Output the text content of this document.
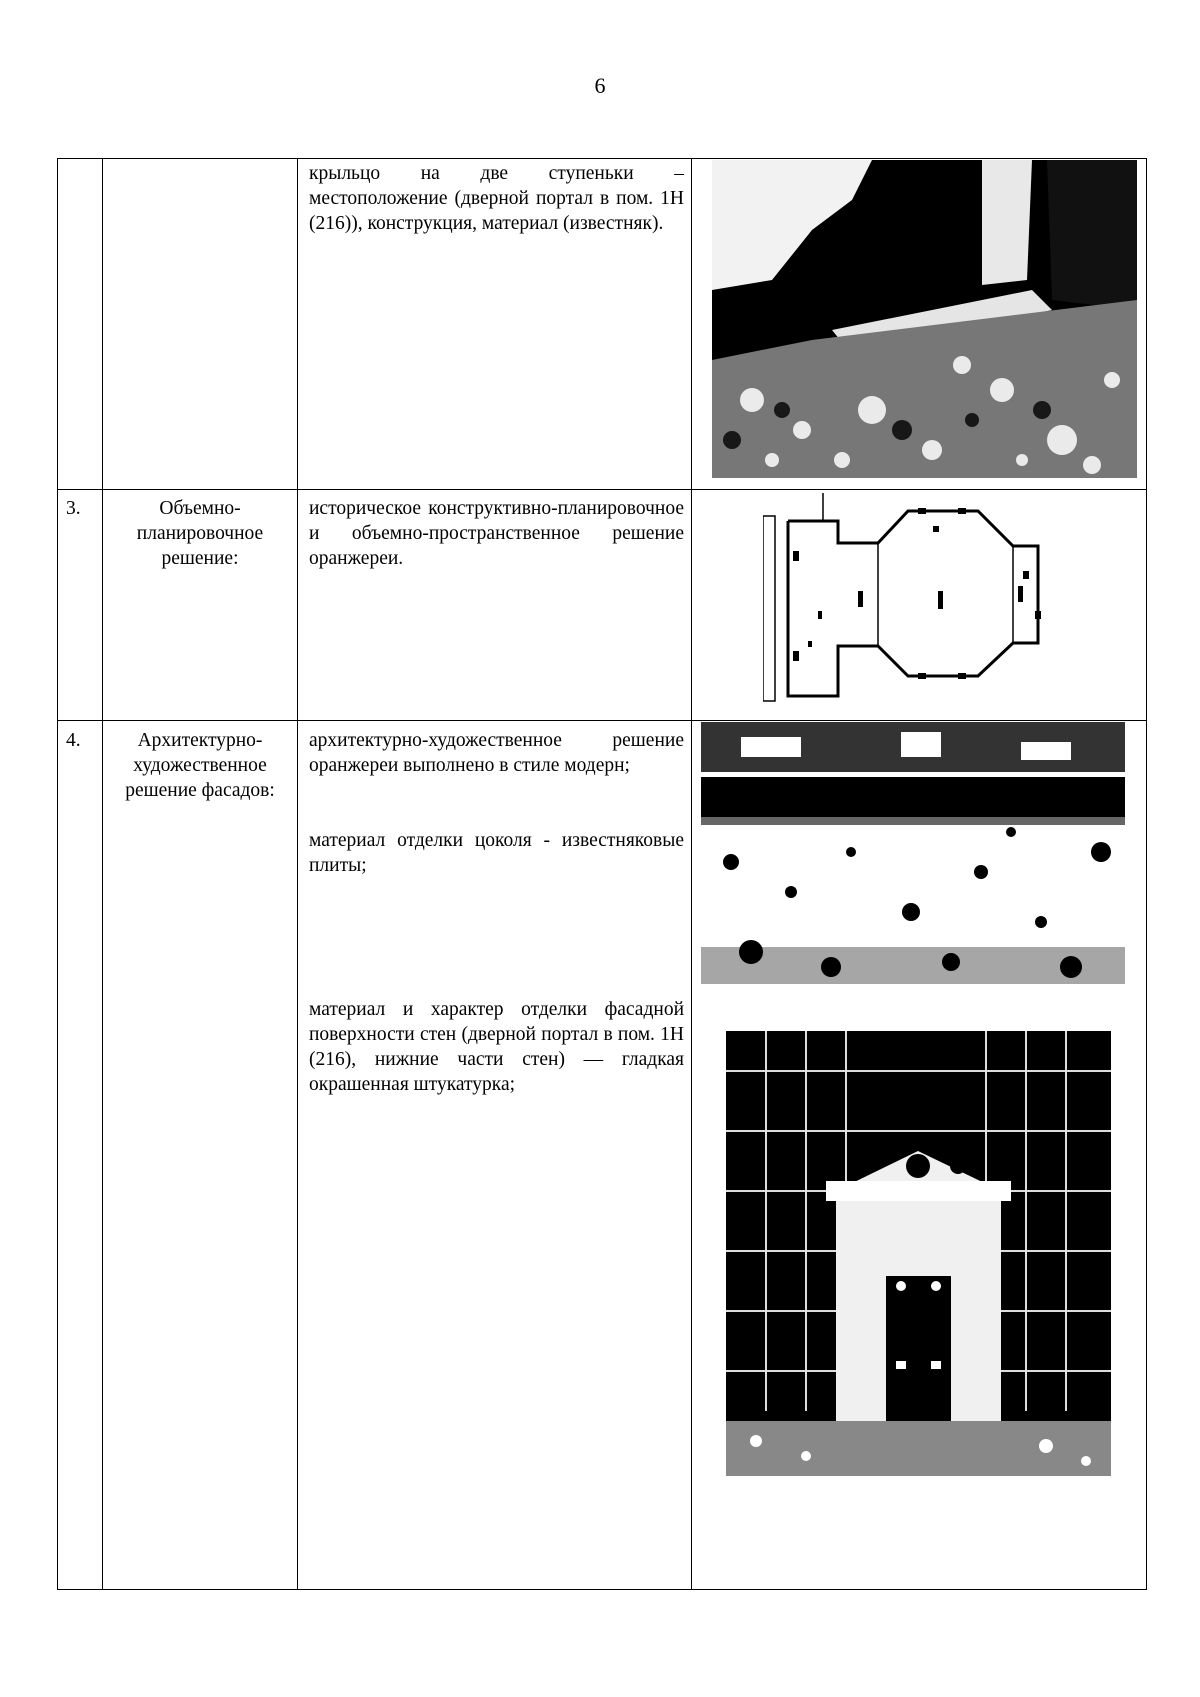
6

крыльцо на две ступеньки – местоположение (дверной портал в пом. 1Н (216)), конструкция, материал (известняк).

3.	Объемно-планировочное решение:

историческое конструктивно-планировочное и объемно-пространственное решение оранжереи.

4.	Архитектурно-художественное решение фасадов:

архитектурно-художественное решение оранжереи выполнено в стиле модерн;

материал отделки цоколя - известняковые плиты;

материал и характер отделки фасадной поверхности стен (дверной портал в пом. 1Н (216), нижние части стен) — гладкая окрашенная штукатурка;
